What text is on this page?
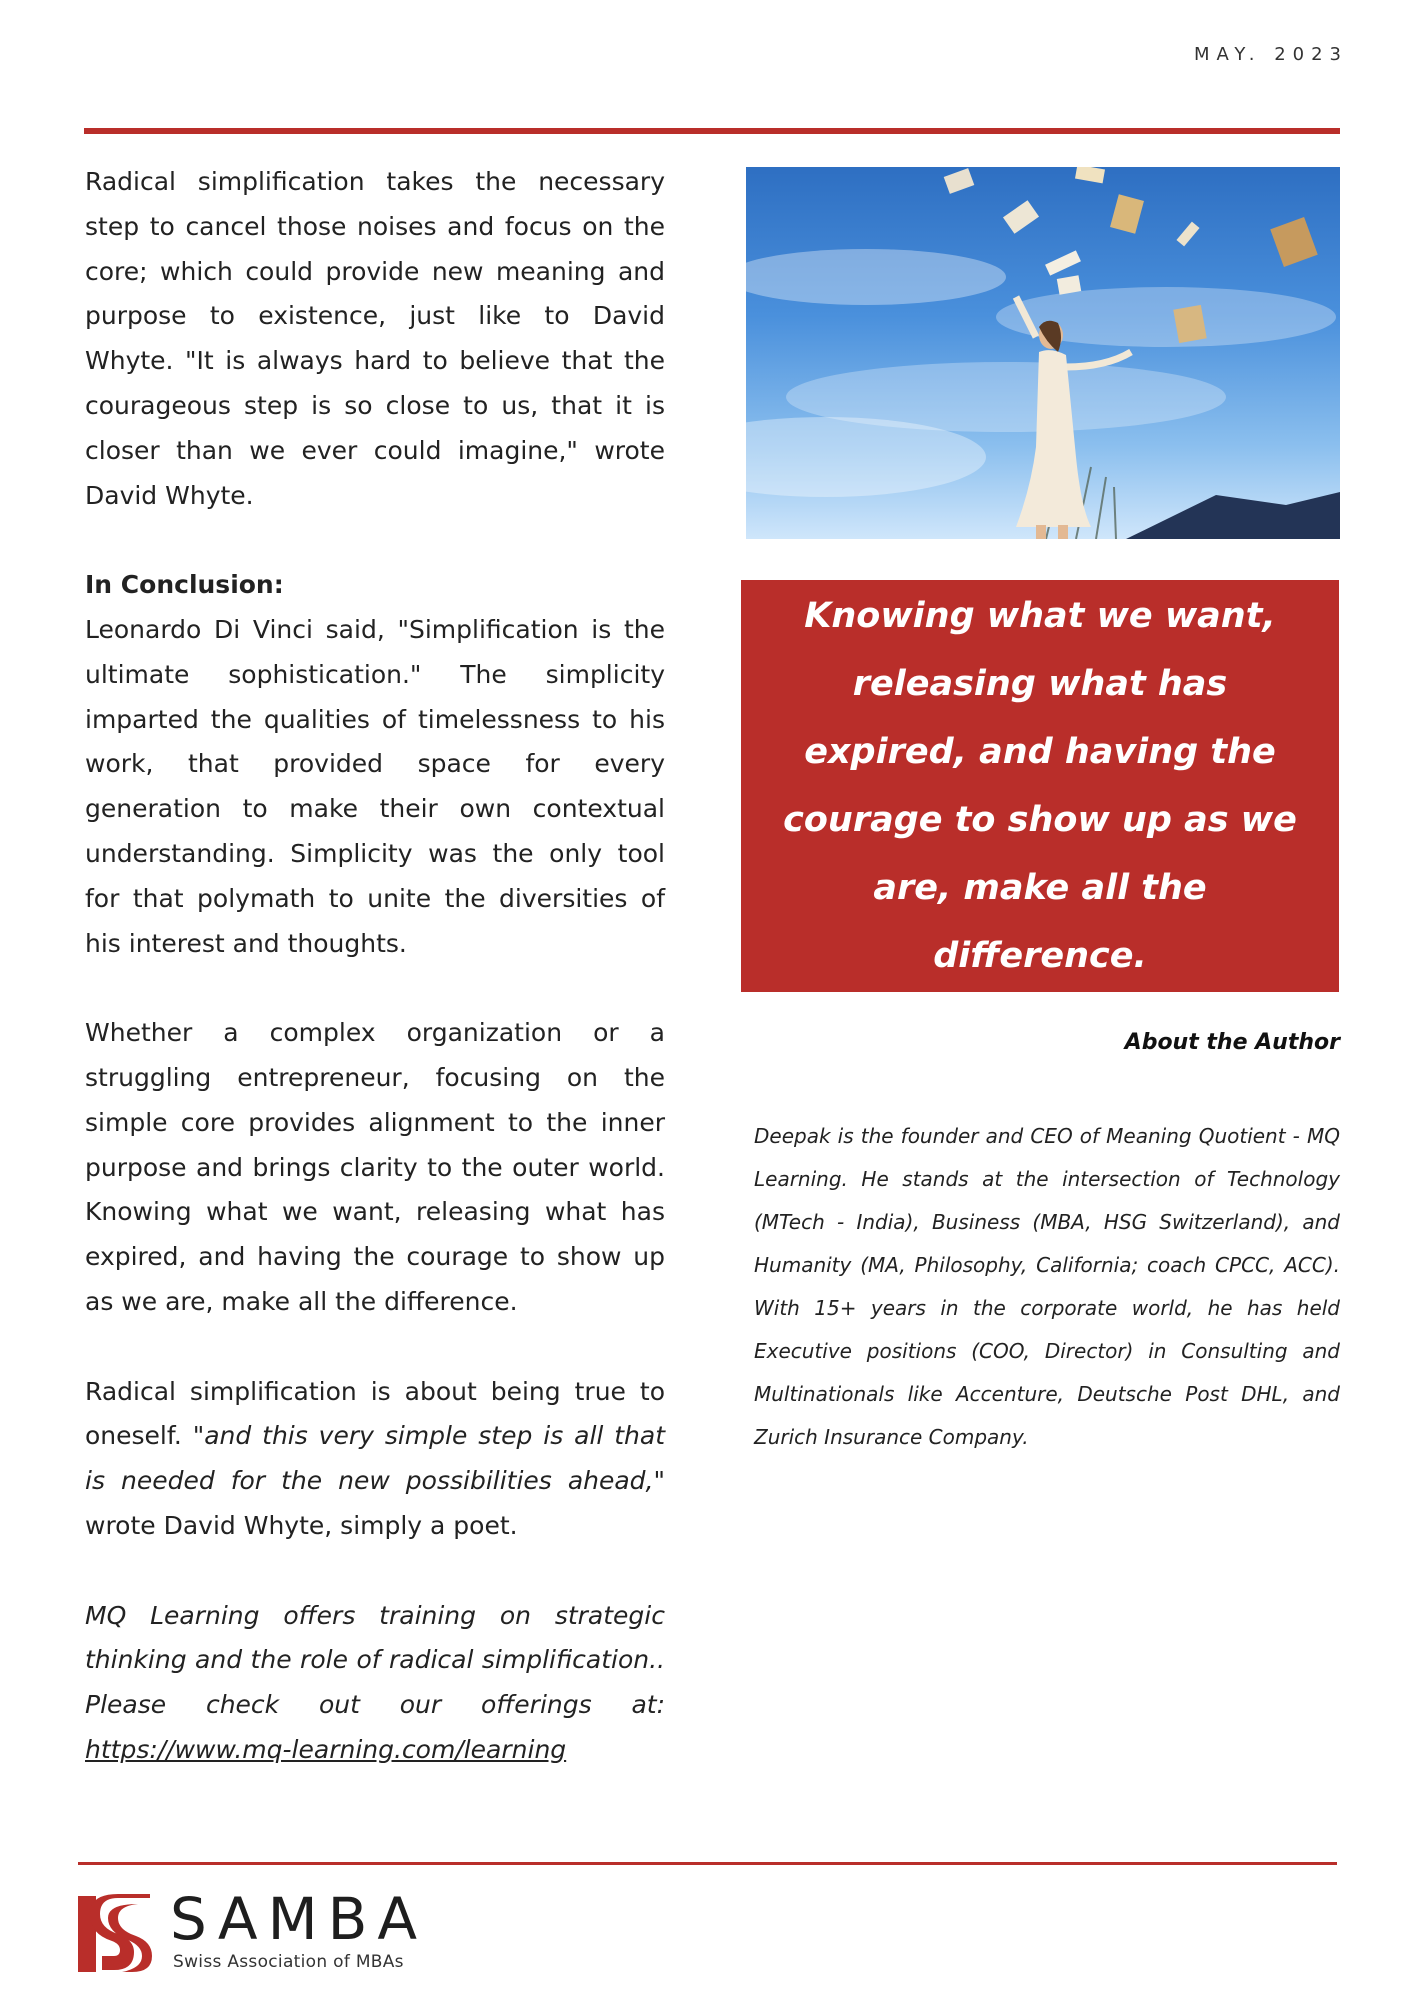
MAY. 2023

Radical simplification takes the necessary step to cancel those noises and focus on the core; which could provide new meaning and purpose to existence, just like to David Whyte. "It is always hard to believe that the courageous step is so close to us, that it is closer than we ever could imagine," wrote David Whyte.

In Conclusion:
Leonardo Di Vinci said, "Simplification is the ultimate sophistication." The simplicity imparted the qualities of timelessness to his work, that provided space for every generation to make their own contextual understanding. Simplicity was the only tool for that polymath to unite the diversities of his interest and thoughts.

Whether a complex organization or a struggling entrepreneur, focusing on the simple core provides alignment to the inner purpose and brings clarity to the outer world. Knowing what we want, releasing what has expired, and having the courage to show up as we are, make all the difference.

Radical simplification is about being true to oneself. "and this very simple step is all that is needed for the new possibilities ahead," wrote David Whyte, simply a poet.

MQ Learning offers training on strategic thinking and the role of radical simplification.. Please check out our offerings at: https://www.mq-learning.com/learning

Knowing what we want, releasing what has expired, and having the courage to show up as we are, make all the difference.
About the Author
Deepak is the founder and CEO of Meaning Quotient - MQ Learning. He stands at the intersection of Technology (MTech - India), Business (MBA, HSG Switzerland), and Humanity (MA, Philosophy, California; coach CPCC, ACC). With 15+ years in the corporate world, he has held Executive positions (COO, Director) in Consulting and Multinationals like Accenture, Deutsche Post DHL, and Zurich Insurance Company.
SAMBA
Swiss Association of MBAs
